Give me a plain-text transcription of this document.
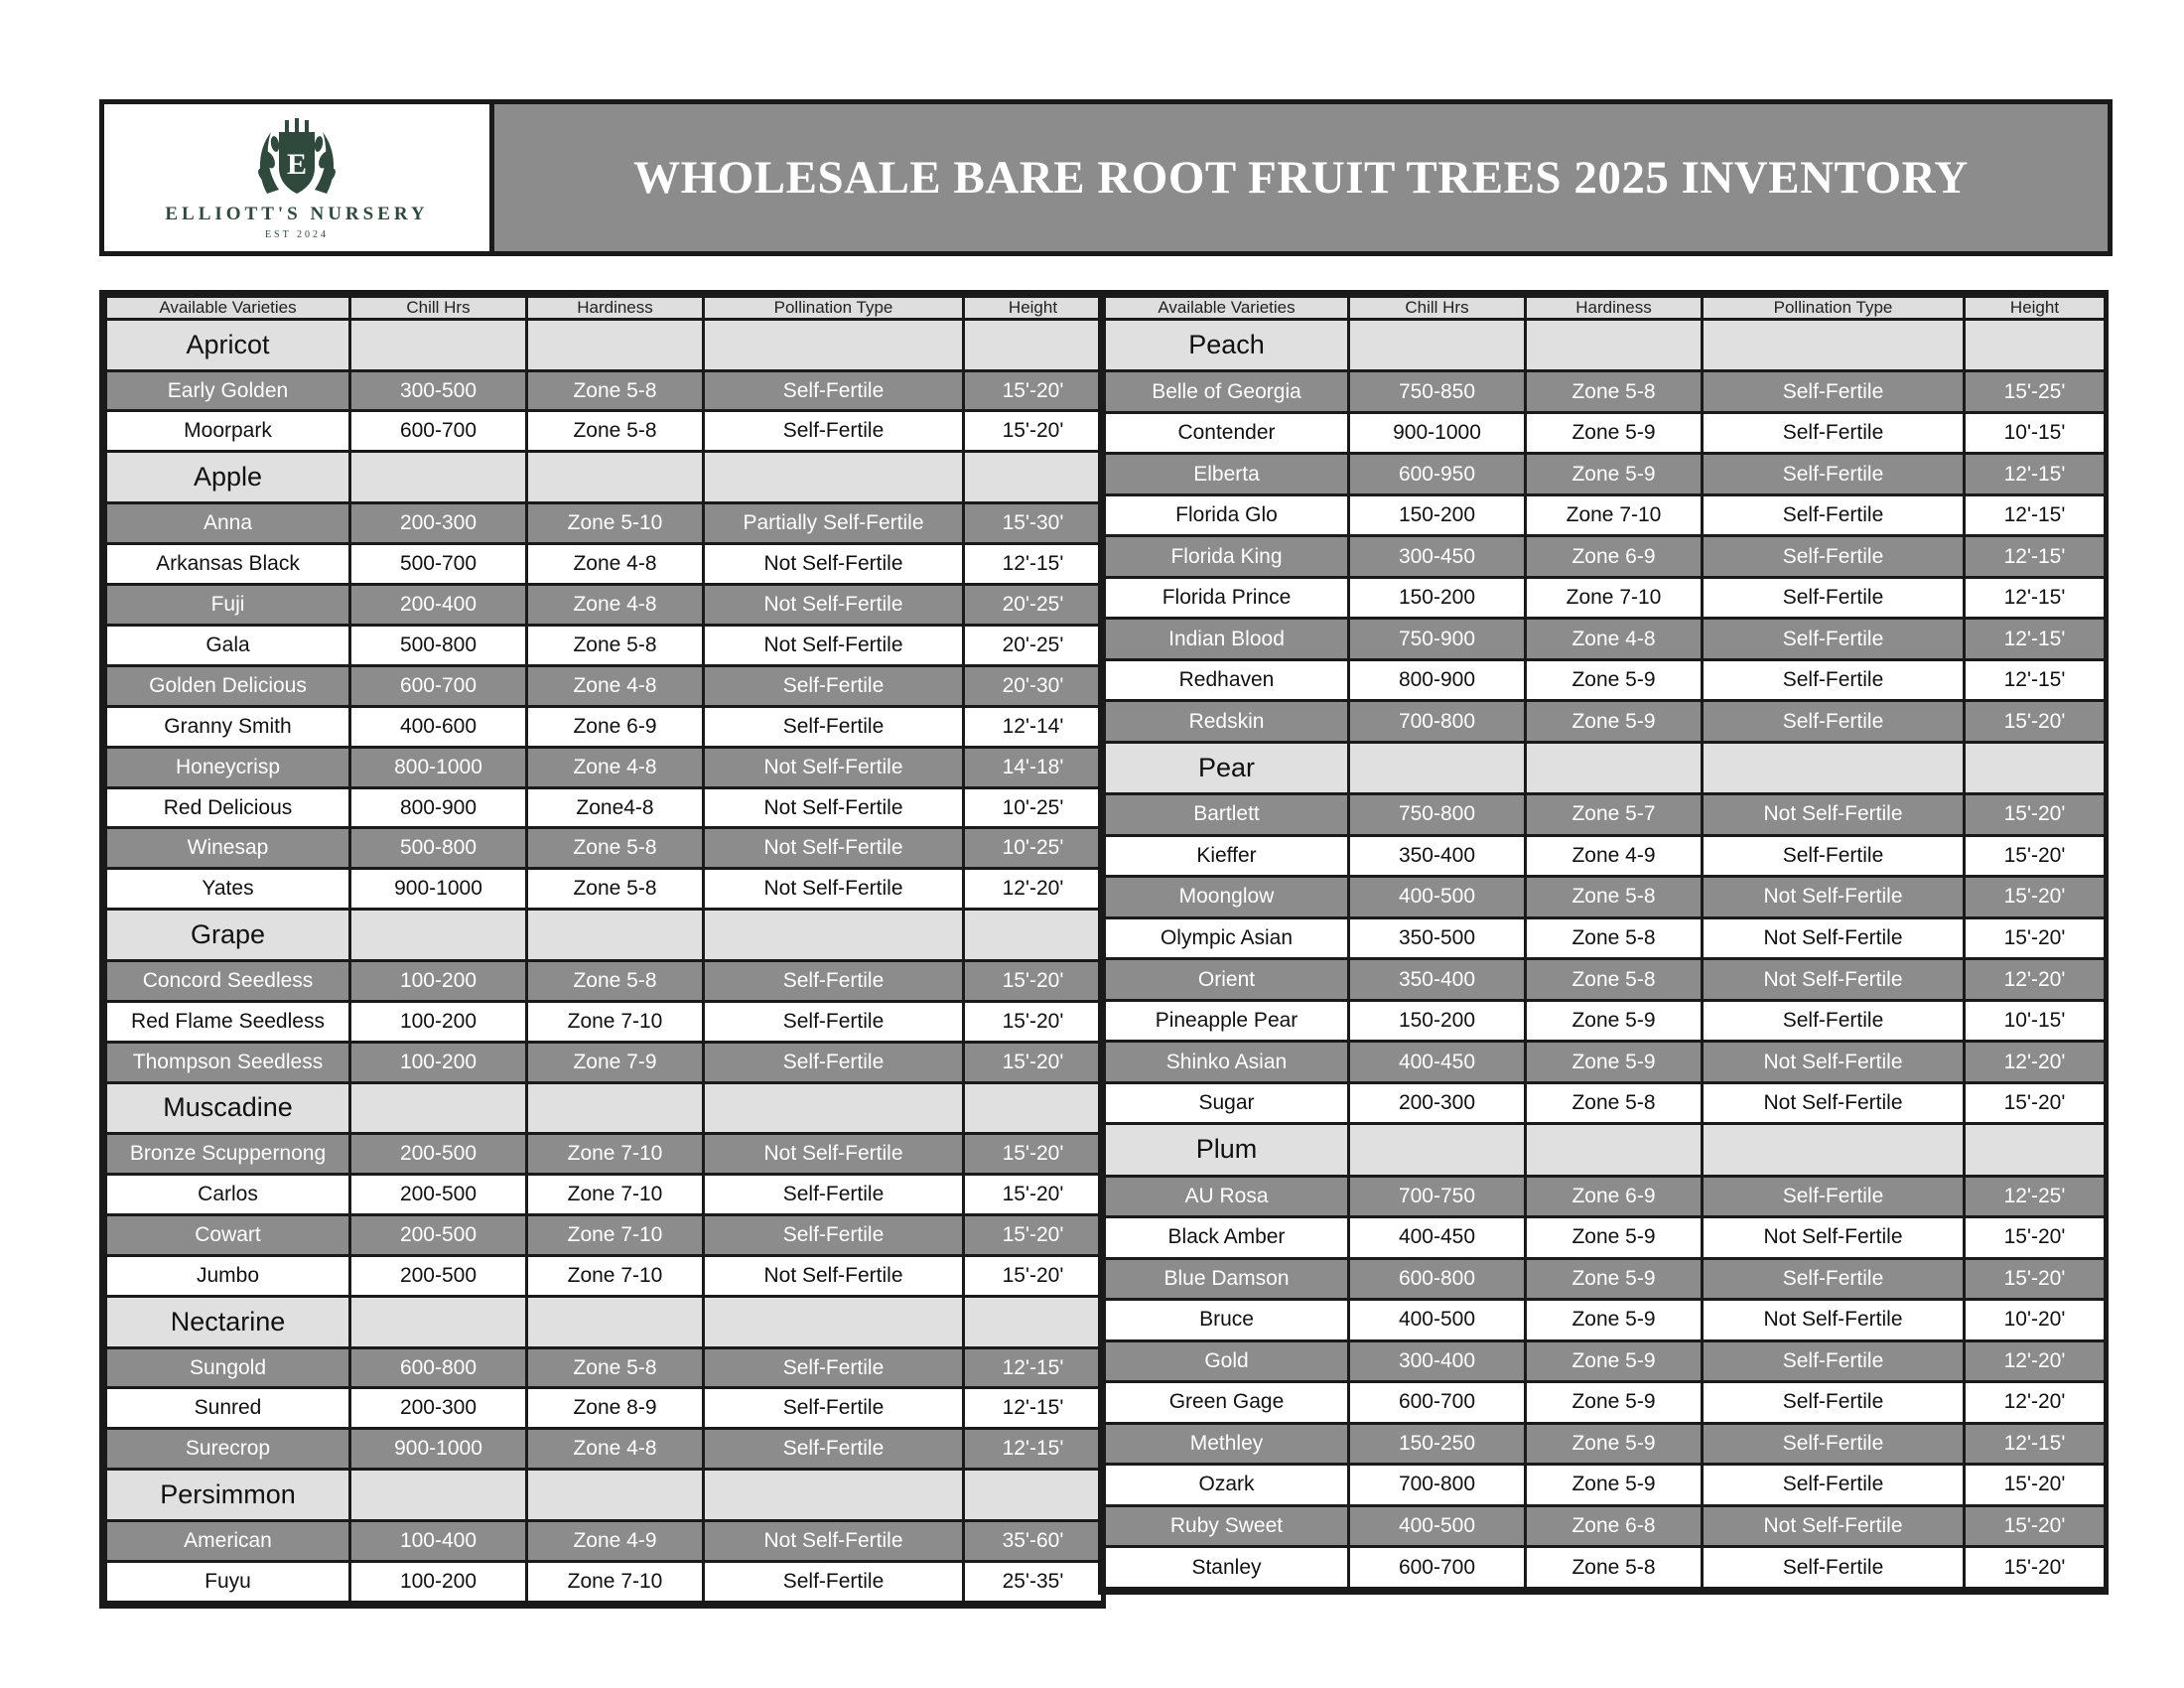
E
ELLIOTT'S NURSERY
EST 2024
WHOLESALE BARE ROOT FRUIT TREES 2025 INVENTORY
Available Varieties	Chill Hrs	Hardiness	Pollination Type	Height
Apricot				
Early Golden	300-500	Zone 5-8	Self-Fertile	15'-20'
Moorpark	600-700	Zone 5-8	Self-Fertile	15'-20'
Apple				
Anna	200-300	Zone 5-10	Partially Self-Fertile	15'-30'
Arkansas Black	500-700	Zone 4-8	Not Self-Fertile	12'-15'
Fuji	200-400	Zone 4-8	Not Self-Fertile	20'-25'
Gala	500-800	Zone 5-8	Not Self-Fertile	20'-25'
Golden Delicious	600-700	Zone 4-8	Self-Fertile	20'-30'
Granny Smith	400-600	Zone 6-9	Self-Fertile	12'-14'
Honeycrisp	800-1000	Zone 4-8	Not Self-Fertile	14'-18'
Red Delicious	800-900	Zone4-8	Not Self-Fertile	10'-25'
Winesap	500-800	Zone 5-8	Not Self-Fertile	10'-25'
Yates	900-1000	Zone 5-8	Not Self-Fertile	12'-20'
Grape				
Concord Seedless	100-200	Zone 5-8	Self-Fertile	15'-20'
Red Flame Seedless	100-200	Zone 7-10	Self-Fertile	15'-20'
Thompson Seedless	100-200	Zone 7-9	Self-Fertile	15'-20'
Muscadine				
Bronze Scuppernong	200-500	Zone 7-10	Not Self-Fertile	15'-20'
Carlos	200-500	Zone 7-10	Self-Fertile	15'-20'
Cowart	200-500	Zone 7-10	Self-Fertile	15'-20'
Jumbo	200-500	Zone 7-10	Not Self-Fertile	15'-20'
Nectarine				
Sungold	600-800	Zone 5-8	Self-Fertile	12'-15'
Sunred	200-300	Zone 8-9	Self-Fertile	12'-15'
Surecrop	900-1000	Zone 4-8	Self-Fertile	12'-15'
Persimmon				
American	100-400	Zone 4-9	Not Self-Fertile	35'-60'
Fuyu	100-200	Zone 7-10	Self-Fertile	25'-35'
Available Varieties	Chill Hrs	Hardiness	Pollination Type	Height
Peach				
Belle of Georgia	750-850	Zone 5-8	Self-Fertile	15'-25'
Contender	900-1000	Zone 5-9	Self-Fertile	10'-15'
Elberta	600-950	Zone 5-9	Self-Fertile	12'-15'
Florida Glo	150-200	Zone 7-10	Self-Fertile	12'-15'
Florida King	300-450	Zone 6-9	Self-Fertile	12'-15'
Florida Prince	150-200	Zone 7-10	Self-Fertile	12'-15'
Indian Blood	750-900	Zone 4-8	Self-Fertile	12'-15'
Redhaven	800-900	Zone 5-9	Self-Fertile	12'-15'
Redskin	700-800	Zone 5-9	Self-Fertile	15'-20'
Pear				
Bartlett	750-800	Zone 5-7	Not Self-Fertile	15'-20'
Kieffer	350-400	Zone 4-9	Self-Fertile	15'-20'
Moonglow	400-500	Zone 5-8	Not Self-Fertile	15'-20'
Olympic Asian	350-500	Zone 5-8	Not Self-Fertile	15'-20'
Orient	350-400	Zone 5-8	Not Self-Fertile	12'-20'
Pineapple Pear	150-200	Zone 5-9	Self-Fertile	10'-15'
Shinko Asian	400-450	Zone 5-9	Not Self-Fertile	12'-20'
Sugar	200-300	Zone 5-8	Not Self-Fertile	15'-20'
Plum				
AU Rosa	700-750	Zone 6-9	Self-Fertile	12'-25'
Black Amber	400-450	Zone 5-9	Not Self-Fertile	15'-20'
Blue Damson	600-800	Zone 5-9	Self-Fertile	15'-20'
Bruce	400-500	Zone 5-9	Not Self-Fertile	10'-20'
Gold	300-400	Zone 5-9	Self-Fertile	12'-20'
Green Gage	600-700	Zone 5-9	Self-Fertile	12'-20'
Methley	150-250	Zone 5-9	Self-Fertile	12'-15'
Ozark	700-800	Zone 5-9	Self-Fertile	15'-20'
Ruby Sweet	400-500	Zone 6-8	Not Self-Fertile	15'-20'
Stanley	600-700	Zone 5-8	Self-Fertile	15'-20'
